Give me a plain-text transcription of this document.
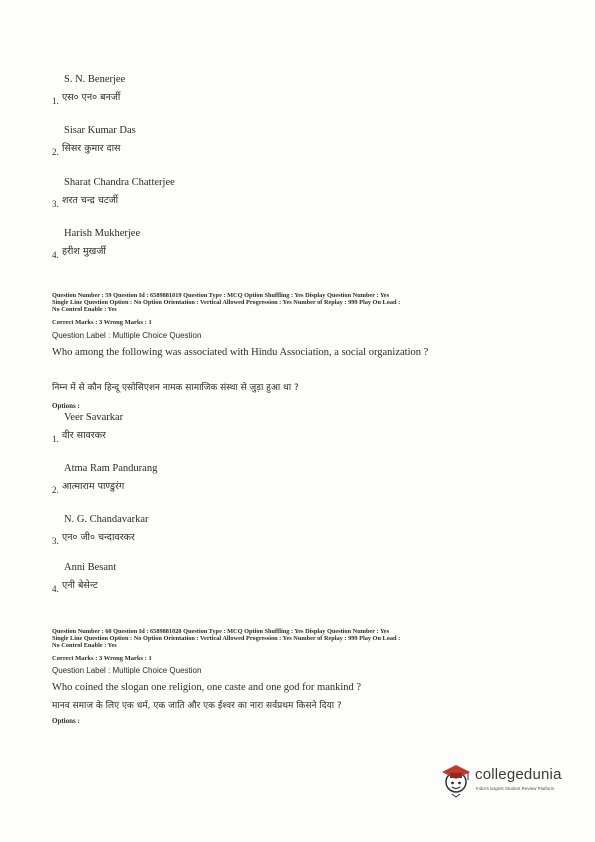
S. N. Benerjee
1. एस० एन० बनर्जी
Sisar Kumar Das
2. सिसर कुमार दास
Sharat Chandra Chatterjee
3. शरत चन्द्र चटर्जी
Harish Mukherjee
4. हरीश मुखर्जी
Question Number : 59 Question Id : 6589881019 Question Type : MCQ Option Shuffling : Yes Display Question Number : Yes
Single Line Question Option : No Option Orientation : Vertical Allowed Progression : Yes Number of Replay : 999 Play On Load :
No Control Enable : Yes
Correct Marks : 3 Wrong Marks : 1
Question Label : Multiple Choice Question
Who among the following was associated with Hindu Association, a social organization ?
निम्न में से कौन हिन्दू एसोसिएशन नामक सामाजिक संस्था से जुड़ा हुआ था ?
Options :
Veer Savarkar
1. वीर सावरकर
Atma Ram Pandurang
2. आत्माराम पाण्डुरंग
N. G. Chandavarkar
3. एन० जी० चन्दावरकर
Anni Besant
4. एनी बेसेन्ट
Question Number : 60 Question Id : 6589881020 Question Type : MCQ Option Shuffling : Yes Display Question Number : Yes
Single Line Question Option : No Option Orientation : Vertical Allowed Progression : Yes Number of Replay : 999 Play On Load :
No Control Enable : Yes
Correct Marks : 3 Wrong Marks : 1
Question Label : Multiple Choice Question
Who coined the slogan one religion, one caste and one god for mankind ?
मानव समाज के लिए एक धर्म, एक जाति और एक ईश्वर का नारा सर्वप्रथम किसने दिया ?
Options :
collegedunia
India's largest Student Review Platform
